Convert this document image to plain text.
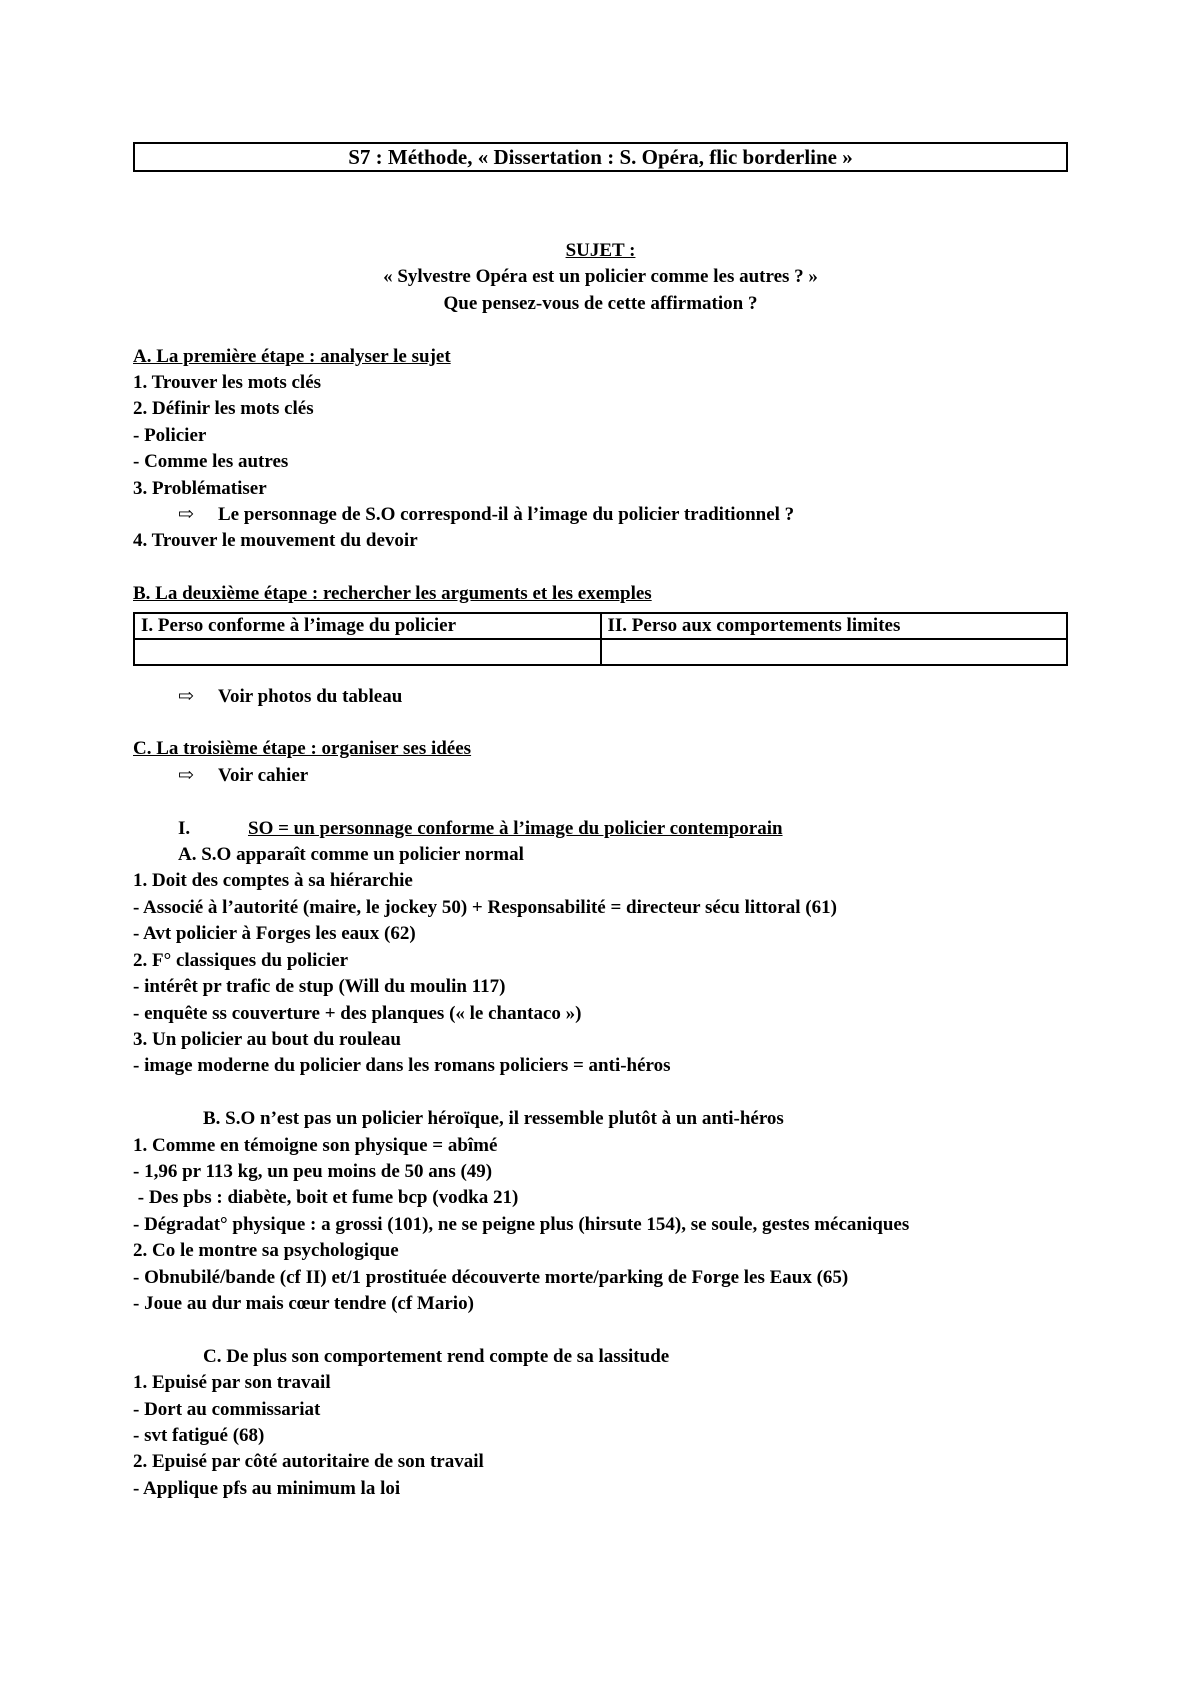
S7 : Méthode, « Dissertation : S. Opéra, flic borderline »
SUJET :
« Sylvestre Opéra est un policier comme les autres ? »
Que pensez-vous de cette affirmation ?
A. La première étape : analyser le sujet
1. Trouver les mots clés
2. Définir les mots clés
- Policier
- Comme les autres
3. Problématiser
⇨ Le personnage de S.O correspond-il à l’image du policier traditionnel ?
4. Trouver le mouvement du devoir
B. La deuxième étape : rechercher les arguments et les exemples
I. Perso conforme à l’image du policier	II. Perso aux comportements limites

⇨ Voir photos du tableau
C. La troisième étape : organiser ses idées
⇨ Voir cahier
I.	SO = un personnage conforme à l’image du policier contemporain
A. S.O apparaît comme un policier normal
1. Doit des comptes à sa hiérarchie
- Associé à l’autorité (maire, le jockey 50) + Responsabilité = directeur sécu littoral (61)
- Avt policier à Forges les eaux (62)
2. F° classiques du policier
- intérêt pr trafic de stup (Will du moulin 117)
- enquête ss couverture + des planques (« le chantaco »)
3. Un policier au bout du rouleau
- image moderne du policier dans les romans policiers = anti-héros
B. S.O n’est pas un policier héroïque, il ressemble plutôt à un anti-héros
1. Comme en témoigne son physique = abîmé
- 1,96 pr 113 kg, un peu moins de 50 ans (49)
- Des pbs : diabète, boit et fume bcp (vodka 21)
- Dégradat° physique : a grossi (101), ne se peigne plus (hirsute 154), se soule, gestes mécaniques
2. Co le montre sa psychologique
- Obnubilé/bande (cf II) et/1 prostituée découverte morte/parking de Forge les Eaux (65)
- Joue au dur mais cœur tendre (cf Mario)
C. De plus son comportement rend compte de sa lassitude
1. Epuisé par son travail
- Dort au commissariat
- svt fatigué (68)
2. Epuisé par côté autoritaire de son travail
- Applique pfs au minimum la loi
